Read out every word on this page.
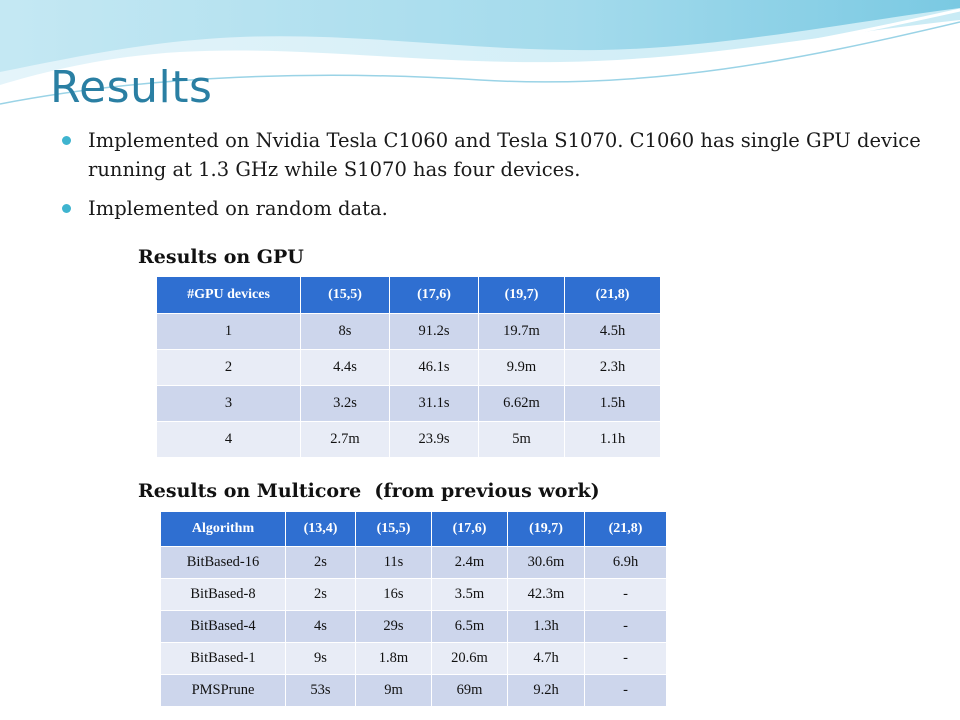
Results
Implemented on Nvidia Tesla C1060 and Tesla S1070. C1060 has single GPU device running at 1.3 GHz while S1070 has four devices.
Implemented on random data.
Results on GPU
#GPU devices	(15,5)	(17,6)	(19,7)	(21,8)
1	8s	91.2s	19.7m	4.5h
2	4.4s	46.1s	9.9m	2.3h
3	3.2s	31.1s	6.62m	1.5h
4	2.7m	23.9s	5m	1.1h
Results on Multicore  (from previous work)
Algorithm	(13,4)	(15,5)	(17,6)	(19,7)	(21,8)
BitBased-16	2s	11s	2.4m	30.6m	6.9h
BitBased-8	2s	16s	3.5m	42.3m	-
BitBased-4	4s	29s	6.5m	1.3h	-
BitBased-1	9s	1.8m	20.6m	4.7h	-
PMSPrune	53s	9m	69m	9.2h	-
